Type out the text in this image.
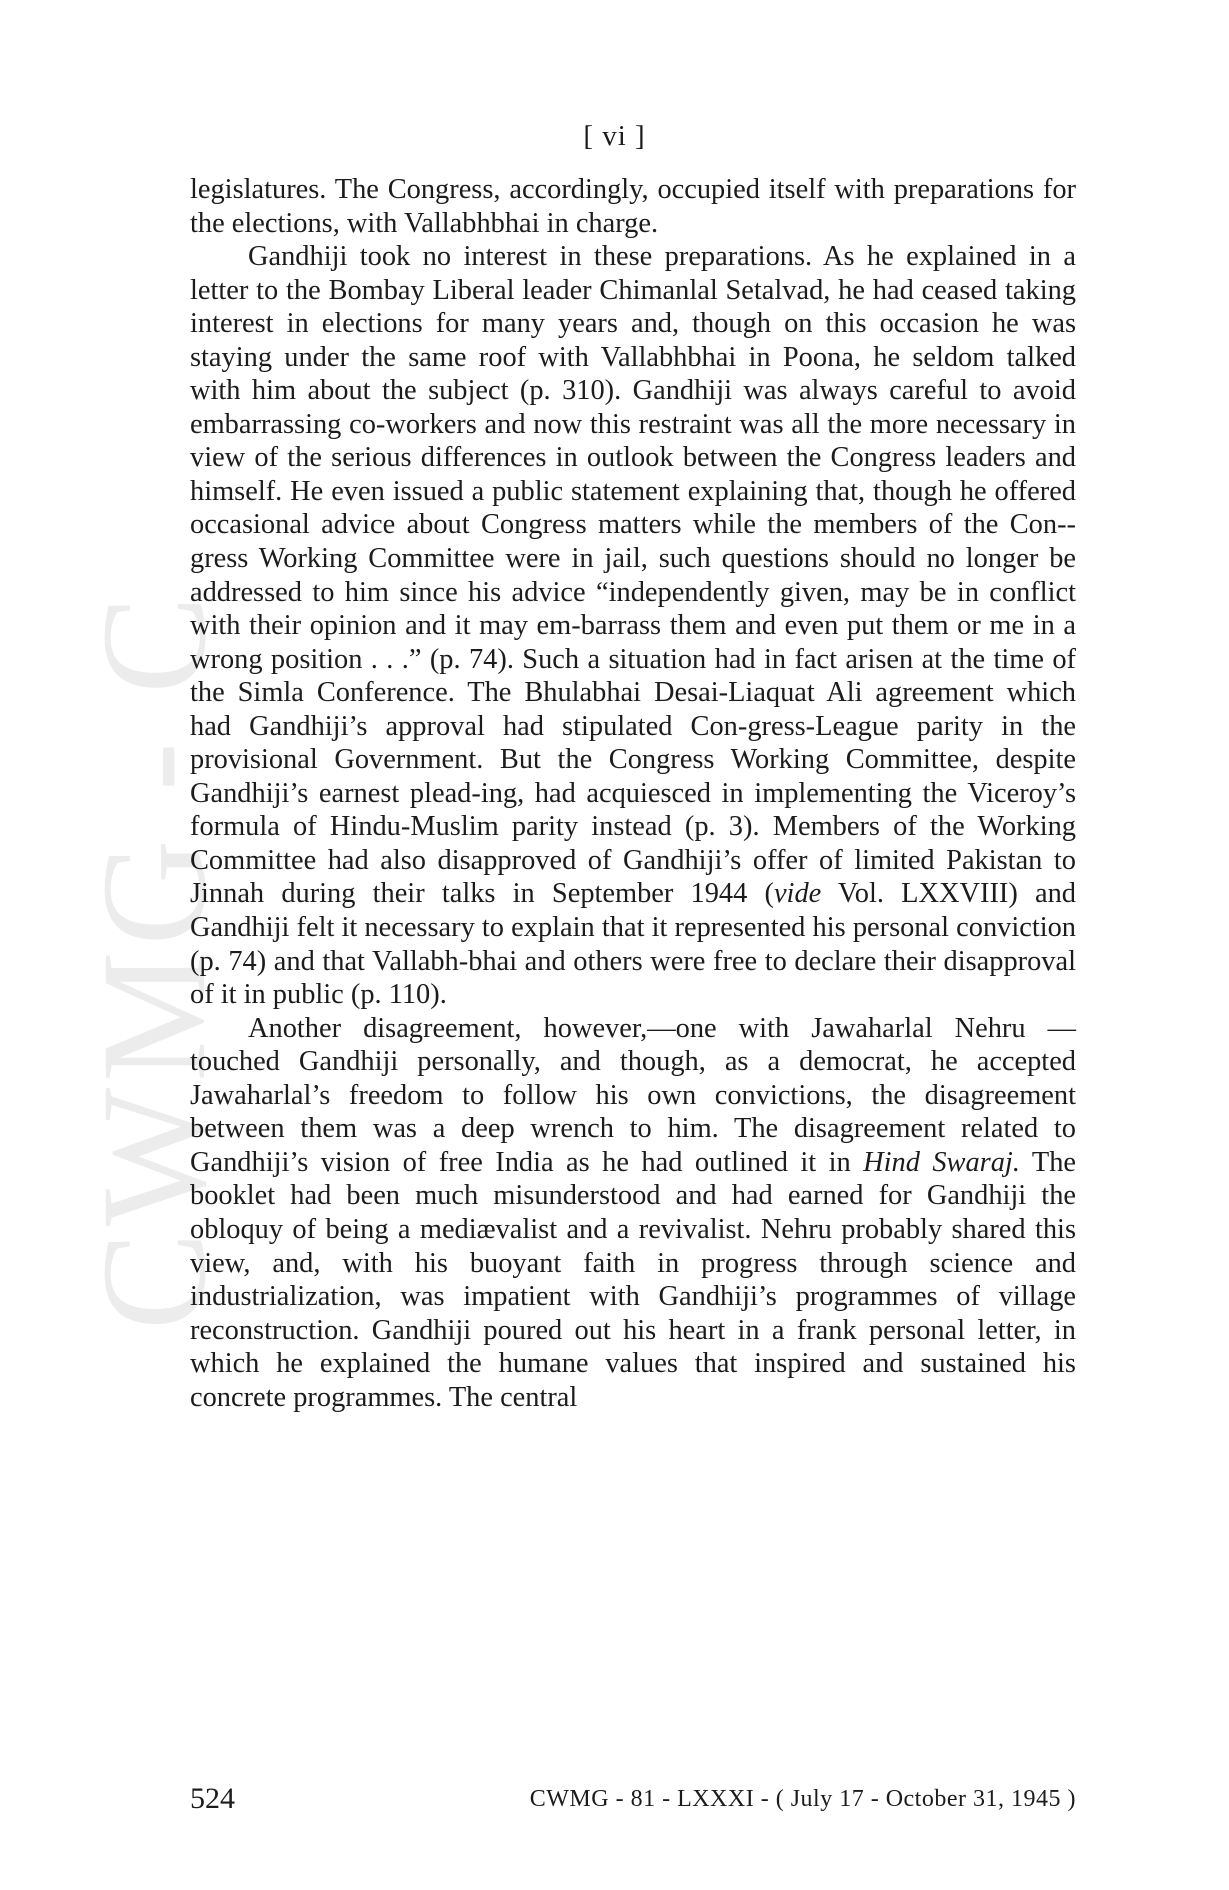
CWMG - C
[ vi ]

legislatures. The Congress, accordingly, occupied itself with preparations for the elections, with Vallabhbhai in charge.

Gandhiji took no interest in these preparations. As he explained in a letter to the Bombay Liberal leader Chimanlal Setalvad, he had ceased taking interest in elections for many years and, though on this occasion he was staying under the same roof with Vallabhbhai in Poona, he seldom talked with him about the subject (p. 310). Gandhiji was always careful to avoid embarrassing co-workers and now this restraint was all the more necessary in view of the serious differences in outlook between the Congress leaders and himself. He even issued a public statement explaining that, though he offered occasional advice about Congress matters while the members of the Con-gress Working Committee were in jail, such questions should no longer be addressed to him since his advice “independently given, may be in conflict with their opinion and it may em-barrass them and even put them or me in a wrong position . . .” (p. 74). Such a situation had in fact arisen at the time of the Simla Conference. The Bhulabhai Desai-Liaquat Ali agreement which had Gandhiji’s approval had stipulated Con-gress-League parity in the provisional Government. But the Congress Working Committee, despite Gandhiji’s earnest plead-ing, had acquiesced in implementing the Viceroy’s formula of Hindu-Muslim parity instead (p. 3). Members of the Working Committee had also disapproved of Gandhiji’s offer of limited Pakistan to Jinnah during their talks in September 1944 (vide Vol. LXXVIII) and Gandhiji felt it necessary to explain that it represented his personal conviction (p. 74) and that Vallabh-bhai and others were free to declare their disapproval of it in public (p. 110).

Another disagreement, however,—one with Jawaharlal Nehru —touched Gandhiji personally, and though, as a democrat, he accepted Jawaharlal’s freedom to follow his own convictions, the disagreement between them was a deep wrench to him. The disagreement related to Gandhiji’s vision of free India as he had outlined it in Hind Swaraj. The booklet had been much misunderstood and had earned for Gandhiji the obloquy of being a mediævalist and a revivalist. Nehru probably shared this view, and, with his buoyant faith in progress through science and industrialization, was impatient with Gandhiji’s programmes of village reconstruction. Gandhiji poured out his heart in a frank personal letter, in which he explained the humane values that inspired and sustained his concrete programmes. The central

524	CWMG - 81 - LXXXI - ( July 17 - October 31, 1945 )
